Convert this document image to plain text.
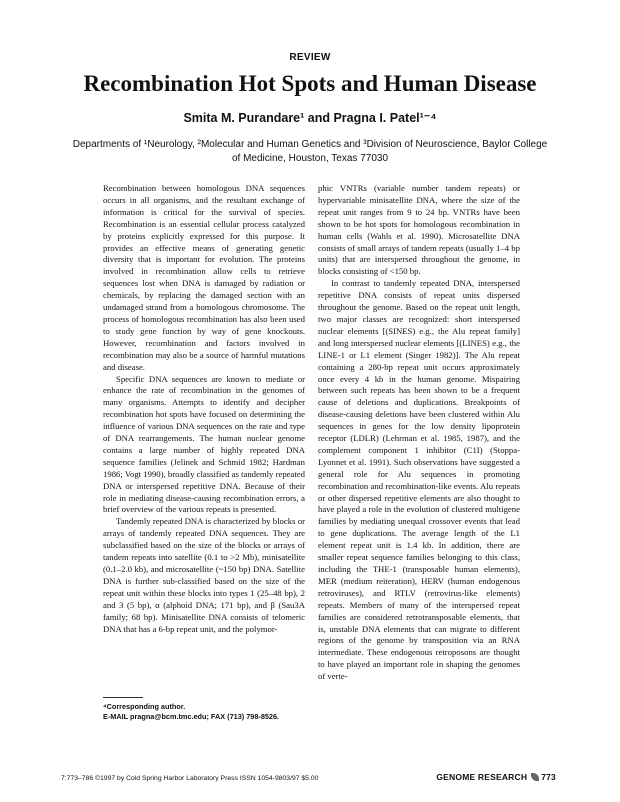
REVIEW
Recombination Hot Spots and Human Disease
Smita M. Purandare¹ and Pragna I. Patel¹⁻⁴
Departments of ¹Neurology, ²Molecular and Human Genetics and ³Division of Neuroscience, Baylor College of Medicine, Houston, Texas 77030

Recombination between homologous DNA sequences occurs in all organisms, and the resultant exchange of information is critical for the survival of species. Recombination is an essential cellular process catalyzed by proteins explicitly expressed for this purpose. It provides an effective means of generating genetic diversity that is important for evolution. The proteins involved in recombination allow cells to retrieve sequences lost when DNA is damaged by radiation or chemicals, by replacing the damaged section with an undamaged strand from a homologous chromosome. The process of homologous recombination has also been used to study gene function by way of gene knockouts. However, recombination and factors involved in recombination may also be a source of harmful mutations and disease.

Specific DNA sequences are known to mediate or enhance the rate of recombination in the genomes of many organisms. Attempts to identify and decipher recombination hot spots have focused on determining the influence of various DNA sequences on the rate and type of DNA rearrangements. The human nuclear genome contains a large number of highly repeated DNA sequence families (Jelinek and Schmid 1982; Hardman 1986; Vogt 1990), broadly classified as tandemly repeated DNA or interspersed repetitive DNA. Because of their role in mediating disease-causing recombination errors, a brief overview of the various repeats is presented.

Tandemly repeated DNA is characterized by blocks or arrays of tandemly repeated DNA sequences. They are subclassified based on the size of the blocks or arrays of tandem repeats into satellite (0.1 to >2 Mb), minisatellite (0.1–2.0 kb), and microsatellite (~150 bp) DNA. Satellite DNA is further sub-classified based on the size of the repeat unit within these blocks into types 1 (25–48 bp), 2 and 3 (5 bp), α (alphoid DNA; 171 bp), and β (Sau3A family; 68 bp). Minisatellite DNA consists of telomeric DNA that has a 6-bp repeat unit, and the polymor-

phic VNTRs (variable number tandem repeats) or hypervariable minisatellite DNA, where the size of the repeat unit ranges from 9 to 24 bp. VNTRs have been shown to be hot spots for homologous recombination in human cells (Wahls et al. 1990). Microsatellite DNA consists of small arrays of tandem repeats (usually 1–4 bp units) that are interspersed throughout the genome, in blocks consisting of <150 bp.

In contrast to tandemly repeated DNA, interspersed repetitive DNA consists of repeat units dispersed throughout the genome. Based on the repeat unit length, two major classes are recognized: short interspersed nuclear elements [(SINES) e.g., the Alu repeat family] and long interspersed nuclear elements [(LINES) e.g., the LINE-1 or L1 element (Singer 1982)]. The Alu repeat containing a 280-bp repeat unit occurs approximately once every 4 kb in the human genome. Mispairing between such repeats has been shown to be a frequent cause of deletions and duplications. Breakpoints of disease-causing deletions have been clustered within Alu sequences in genes for the low density lipoprotein receptor (LDLR) (Lehrman et al. 1985, 1987), and the complement component 1 inhibitor (C1I) (Stoppa-Lyonnet et al. 1991). Such observations have suggested a general role for Alu sequences in promoting recombination and recombination-like events. Alu repeats or other dispersed repetitive elements are also thought to have played a role in the evolution of clustered multigene families by mediating unequal crossover events that lead to gene duplications. The average length of the L1 element repeat unit is 1.4 kb. In addition, there are smaller repeat sequence families belonging to this class, including the THE-1 (transposable human elements), MER (medium reiteration), HERV (human endogenous retroviruses), and RTLV (retrovirus-like elements) repeats. Members of many of the interspersed repeat families are considered retrotransposable elements, that is, unstable DNA elements that can migrate to different regions of the genome by transposition via an RNA intermediate. These endogenous retroposons are thought to have played an important role in shaping the genomes of verte-

⁴Corresponding author.
E-MAIL pragna@bcm.tmc.edu; FAX (713) 798-8526.
7:773–786 ©1997 by Cold Spring Harbor Laboratory Press ISSN 1054-9803/97 $5.00	GENOME RESEARCH 773
